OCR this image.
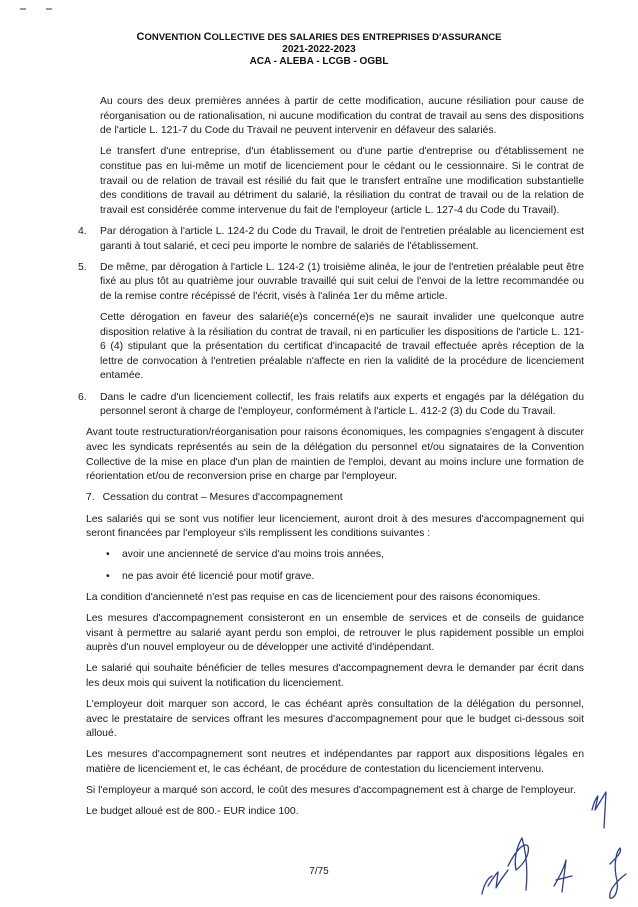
CONVENTION COLLECTIVE DES SALARIES DES ENTREPRISES D'ASSURANCE
2021-2022-2023
ACA - ALEBA - LCGB - OGBL

Au cours des deux premières années à partir de cette modification, aucune résiliation pour cause de réorganisation ou de rationalisation, ni aucune modification du contrat de travail au sens des dispositions de l'article L. 121-7 du Code du Travail ne peuvent intervenir en défaveur des salariés.

Le transfert d'une entreprise, d'un établissement ou d'une partie d'entreprise ou d'établissement ne constitue pas en lui-même un motif de licenciement pour le cédant ou le cessionnaire. Si le contrat de travail ou de relation de travail est résilié du fait que le transfert entraîne une modification substantielle des conditions de travail au détriment du salarié, la résiliation du contrat de travail ou de la relation de travail est considérée comme intervenue du fait de l'employeur (article L. 127-4 du Code du Travail).

4. Par dérogation à l'article L. 124-2 du Code du Travail, le droit de l'entretien préalable au licenciement est garanti à tout salarié, et ceci peu importe le nombre de salariés de l'établissement.

5. De même, par dérogation à l'article L. 124-2 (1) troisième alinéa, le jour de l'entretien préalable peut être fixé au plus tôt au quatrième jour ouvrable travaillé qui suit celui de l'envoi de la lettre recommandée ou de la remise contre récépissé de l'écrit, visés à l'alinéa 1er du même article.

Cette dérogation en faveur des salarié(e)s concerné(e)s ne saurait invalider une quelconque autre disposition relative à la résiliation du contrat de travail, ni en particulier les dispositions de l'article L. 121-6 (4) stipulant que la présentation du certificat d'incapacité de travail effectuée après réception de la lettre de convocation à l'entretien préalable n'affecte en rien la validité de la procédure de licenciement entamée.

6. Dans le cadre d'un licenciement collectif, les frais relatifs aux experts et engagés par la délégation du personnel seront à charge de l'employeur, conformément à l'article L. 412-2 (3) du Code du Travail.

Avant toute restructuration/réorganisation pour raisons économiques, les compagnies s'engagent à discuter avec les syndicats représentés au sein de la délégation du personnel et/ou signataires de la Convention Collective de la mise en place d'un plan de maintien de l'emploi, devant au moins inclure une formation de réorientation et/ou de reconversion prise en charge par l'employeur.

7. Cessation du contrat – Mesures d'accompagnement

Les salariés qui se sont vus notifier leur licenciement, auront droit à des mesures d'accompagnement qui seront financées par l'employeur s'ils remplissent les conditions suivantes :

• avoir une ancienneté de service d'au moins trois années,

• ne pas avoir été licencié pour motif grave.

La condition d'ancienneté n'est pas requise en cas de licenciement pour des raisons économiques.

Les mesures d'accompagnement consisteront en un ensemble de services et de conseils de guidance visant à permettre au salarié ayant perdu son emploi, de retrouver le plus rapidement possible un emploi auprès d'un nouvel employeur ou de développer une activité d'indépendant.

Le salarié qui souhaite bénéficier de telles mesures d'accompagnement devra le demander par écrit dans les deux mois qui suivent la notification du licenciement.

L'employeur doit marquer son accord, le cas échéant après consultation de la délégation du personnel, avec le prestataire de services offrant les mesures d'accompagnement pour que le budget ci-dessous soit alloué.

Les mesures d'accompagnement sont neutres et indépendantes par rapport aux dispositions légales en matière de licenciement et, le cas échéant, de procédure de contestation du licenciement intervenu.

Si l'employeur a marqué son accord, le coût des mesures d'accompagnement est à charge de l'employeur.

Le budget alloué est de 800.- EUR indice 100.

7/75
